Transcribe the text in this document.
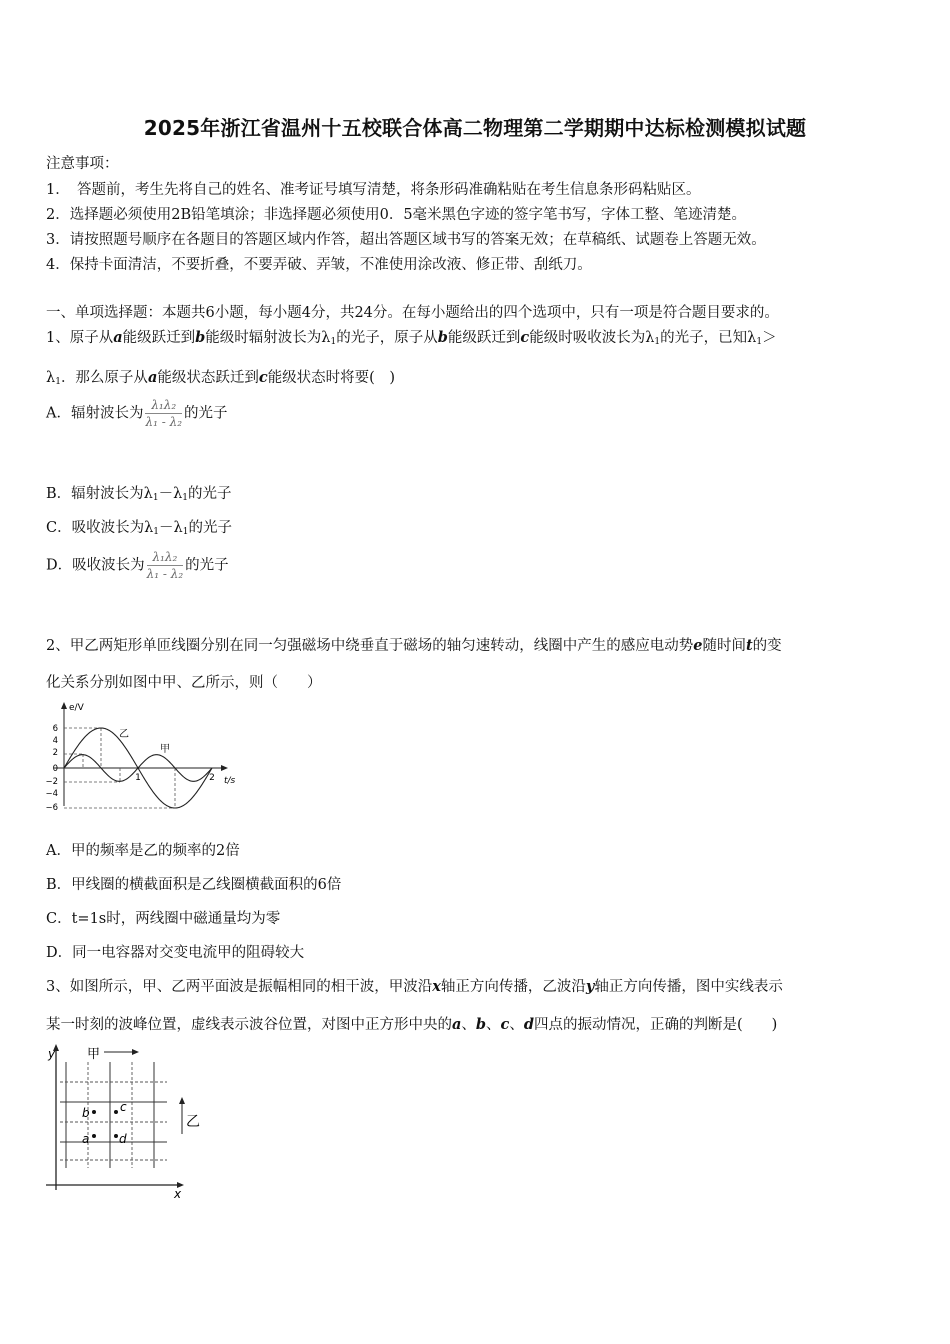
2025年浙江省温州十五校联合体高二物理第二学期期中达标检测模拟试题
注意事项：
1．　答题前，考生先将自己的姓名、准考证号填写清楚，将条形码准确粘贴在考生信息条形码粘贴区。
2．选择题必须使用2B铅笔填涂；非选择题必须使用0．5毫米黑色字迹的签字笔书写，字体工整、笔迹清楚。
3．请按照题号顺序在各题目的答题区域内作答，超出答题区域书写的答案无效；在草稿纸、试题卷上答题无效。
4．保持卡面清洁，不要折叠，不要弄破、弄皱，不准使用涂改液、修正带、刮纸刀。
一、单项选择题：本题共6小题，每小题4分，共24分。在每小题给出的四个选项中，只有一项是符合题目要求的。
1、原子从a能级跃迁到b能级时辐射波长为$\lambda_1$的光子，原子从b能级跃迁到c能级时吸收波长为$\lambda_1$的光子，已知$\lambda_1>$
$\lambda_1$．那么原子从a能级状态跃迁到c能级状态时将要(　)
A．辐射波长为 $\frac{\text{λ₁λ₂}}{\text{λ₁ - λ₂}}$ 的光子
B．辐射波长为$\lambda_1-\lambda_1$的光子
C．吸收波长为$\lambda_1-\lambda_1$的光子
D．吸收波长为 $\frac{\text{λ₁λ₂}}{\text{λ₁ - λ₂}}$ 的光子
2、甲乙两矩形单匝线圈分别在同一匀强磁场中绕垂直于磁场的轴匀速转动，线圈中产生的感应电动势e随时间t的变
化关系分别如图中甲、乙所示，则（　　）
e/V
t/s
6
4
2
0
−2
−4
−6
1	2
乙
甲
A．甲的频率是乙的频率的2倍
B．甲线圈的横截面积是乙线圈横截面积的6倍
C．t=1s时，两线圈中磁通量均为零
D．同一电容器对交变电流甲的阻碍较大
3、如图所示，甲、乙两平面波是振幅相同的相干波，甲波沿x轴正方向传播，乙波沿y轴正方向传播，图中实线表示
某一时刻的波峰位置，虚线表示波谷位置，对图中正方形中央的a、b、c、d四点的振动情况，正确的判断是(　　)
y
x
甲
乙
b	c
a d
